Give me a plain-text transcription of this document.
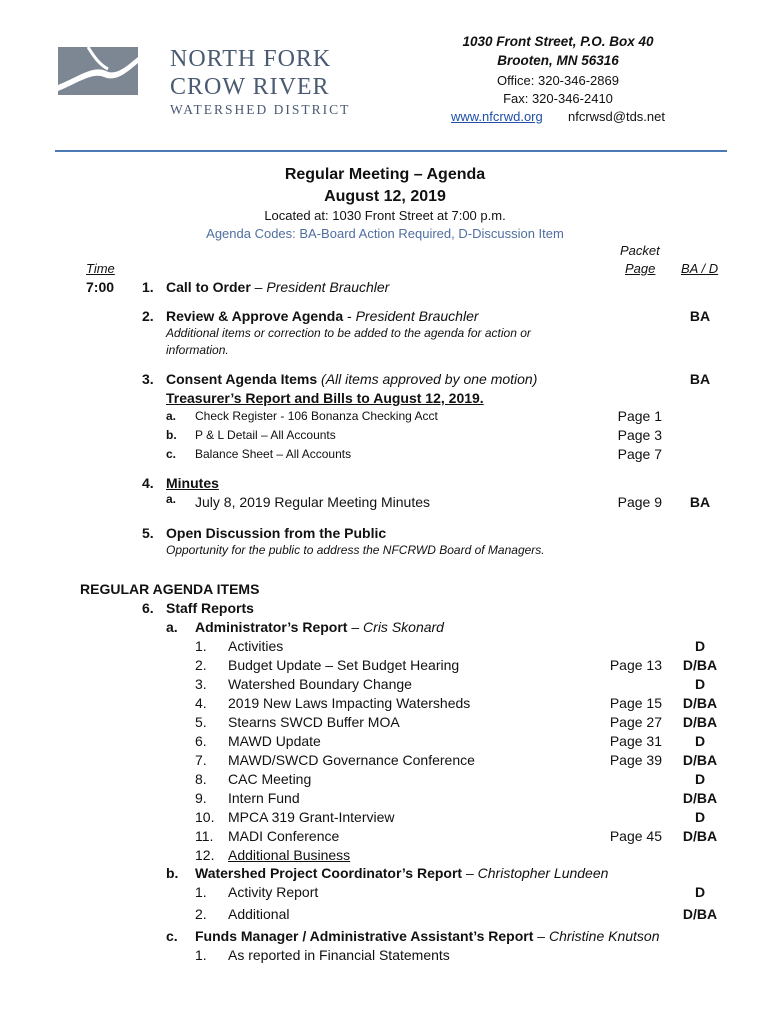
NORTH FORK
CROW RIVER
WATERSHED DISTRICT
1030 Front Street, P.O. Box 40
Brooten, MN 56316
Office: 320-346-2869
Fax: 320-346-2410
www.nfcrwd.org nfcrwsd@tds.net
Regular Meeting – Agenda
August 12, 2019
Located at: 1030 Front Street at 7:00 p.m.
Agenda Codes: BA-Board Action Required, D-Discussion Item
Time
Packet
Page BA / D
7:00 1. Call to Order – President Brauchler
2. Review & Approve Agenda - President Brauchler	BA
Additional items or correction to be added to the agenda for action or
information.
3. Consent Agenda Items (All items approved by one motion)	BA
Treasurer’s Report and Bills to August 12, 2019.
a. Check Register - 106 Bonanza Checking Acct	Page 1
b. P & L Detail – All Accounts	Page 3
c. Balance Sheet – All Accounts	Page 7
4. Minutes
a. July 8, 2019 Regular Meeting Minutes	Page 9	BA
5. Open Discussion from the Public
Opportunity for the public to address the NFCRWD Board of Managers.
REGULAR AGENDA ITEMS
6. Staff Reports
a. Administrator’s Report – Cris Skonard
1. Activities	D
2. Budget Update – Set Budget Hearing	Page 13	D/BA
3. Watershed Boundary Change	D
4. 2019 New Laws Impacting Watersheds	Page 15	D/BA
5. Stearns SWCD Buffer MOA	Page 27	D/BA
6. MAWD Update	Page 31	D
7. MAWD/SWCD Governance Conference	Page 39	D/BA
8. CAC Meeting	D
9. Intern Fund	D/BA
10. MPCA 319 Grant-Interview	D
11. MADI Conference	Page 45	D/BA
12. Additional Business
b. Watershed Project Coordinator’s Report – Christopher Lundeen
1. Activity Report	D
2. Additional	D/BA
c. Funds Manager / Administrative Assistant’s Report – Christine Knutson
1. As reported in Financial Statements
